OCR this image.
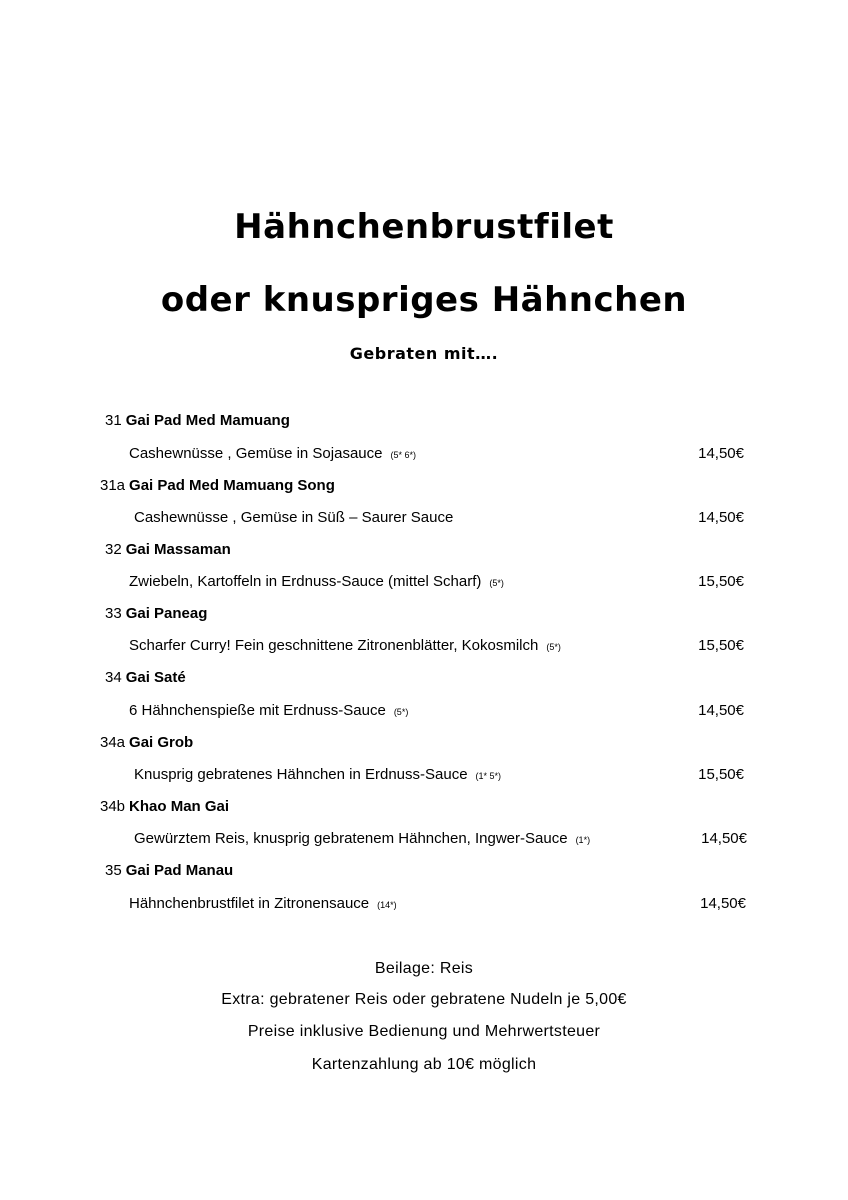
Hähnchenbrustfilet
oder knuspriges Hähnchen
Gebraten mit….
31 Gai Pad Med Mamuang
Cashewnüsse , Gemüse in Sojasauce (5* 6*)	14,50€
31a Gai Pad Med Mamuang Song
Cashewnüsse , Gemüse in Süß – Saurer Sauce	14,50€
32 Gai Massaman
Zwiebeln, Kartoffeln in Erdnuss-Sauce (mittel Scharf) (5*)	15,50€
33 Gai Paneag
Scharfer Curry! Fein geschnittene Zitronenblätter, Kokosmilch (5*)	15,50€
34 Gai Saté
6 Hähnchenspieße mit Erdnuss-Sauce (5*)	14,50€
34a Gai Grob
Knusprig gebratenes Hähnchen in Erdnuss-Sauce (1* 5*)	15,50€
34b Khao Man Gai
Gewürztem Reis, knusprig gebratenem Hähnchen, Ingwer-Sauce (1*)	14,50€
35 Gai Pad Manau
Hähnchenbrustfilet in Zitronensauce (14*)	14,50€
Beilage: Reis
Extra: gebratener Reis oder gebratene Nudeln je 5,00€
Preise inklusive Bedienung und Mehrwertsteuer
Kartenzahlung ab 10€ möglich
